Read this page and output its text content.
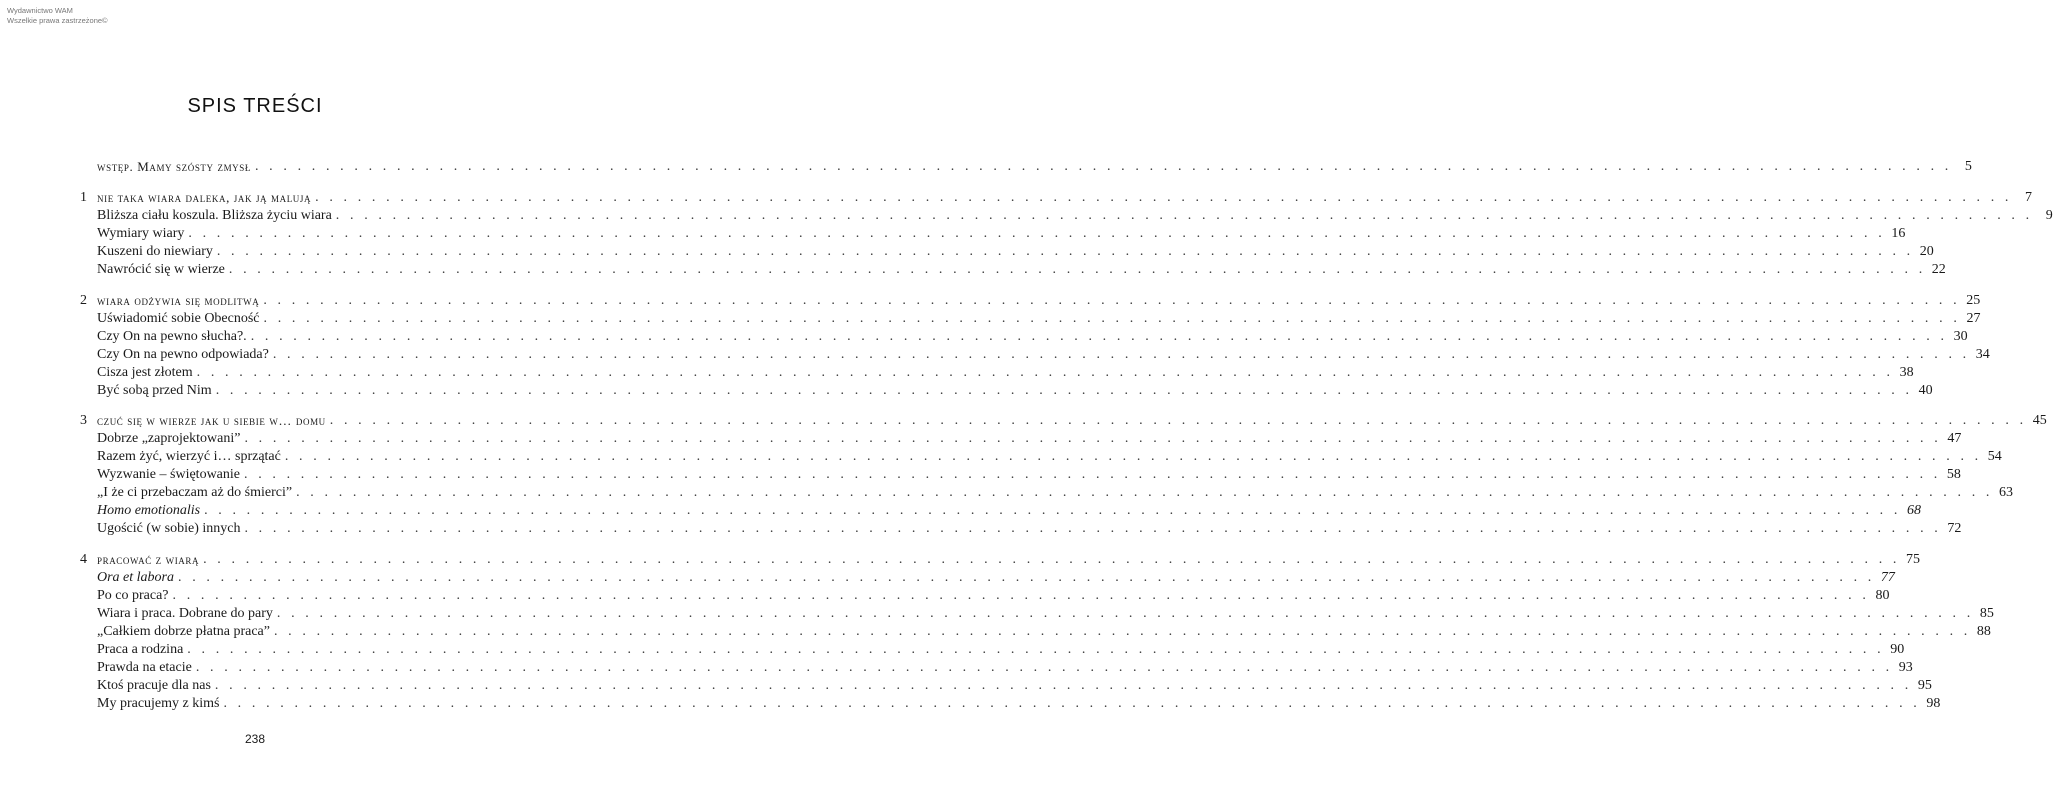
Wydawnictwo WAM
Wszelkie prawa zastrzeżone©
SPIS TREŚCI
wstęp. Mamy szósty zmysł . . . . . . . . . . . . . . . . . . . . . . . . . . . . . . . . . . . . . . . . . . . . . . . . . . . . . . . . . . . . . . . . . . . . . . . . . . . . . . . . . . . . . . . . . . . . . . . . . . . . . . . . . . . . . . . . . . . . . . . . 5
1 nie taka wiara daleka, jak ją malują . . . . . . . . . . . . . . . . . . . . . . . . . . . . . . . . . . . . . . . . . . . . . . . . . . . . . . . . . . . . . . . . . . . . . . . . . . . . . . . . . . . . . . . . . . . . . . . . . . . . . . . . . . . . . . . . . . . . . . . . 7
Bliższa ciału koszula. Bliższa życiu wiara . . . . . . . . . . . . . . . . . . . . . . . . . . . . . . . . . . . . . . . . . . . . . . . . . . . . . . . . . . . . . . . . . . . . . . . . . . . . . . . . . . . . . . . . . . . . . . . . . . . . . . . . . . . . . . . . . . . . . . . . 9
Wymiary wiary . . . . . . . . . . . . . . . . . . . . . . . . . . . . . . . . . . . . . . . . . . . . . . . . . . . . . . . . . . . . . . . . . . . . . . . . . . . . . . . . . . . . . . . . . . . . . . . . . . . . . . . . . . . . . . . . . . . . . . . . 16
Kuszeni do niewiary . . . . . . . . . . . . . . . . . . . . . . . . . . . . . . . . . . . . . . . . . . . . . . . . . . . . . . . . . . . . . . . . . . . . . . . . . . . . . . . . . . . . . . . . . . . . . . . . . . . . . . . . . . . . . . . . . . . . . . . . 20
Nawrócić się w wierze . . . . . . . . . . . . . . . . . . . . . . . . . . . . . . . . . . . . . . . . . . . . . . . . . . . . . . . . . . . . . . . . . . . . . . . . . . . . . . . . . . . . . . . . . . . . . . . . . . . . . . . . . . . . . . . . . . . . . . . . 22
2 wiara odżywia się modlitwą . . . . . . . . . . . . . . . . . . . . . . . . . . . . . . . . . . . . . . . . . . . . . . . . . . . . . . . . . . . . . . . . . . . . . . . . . . . . . . . . . . . . . . . . . . . . . . . . . . . . . . . . . . . . . . . . . . . . . . . . 25
Uświadomić sobie Obecność . . . . . . . . . . . . . . . . . . . . . . . . . . . . . . . . . . . . . . . . . . . . . . . . . . . . . . . . . . . . . . . . . . . . . . . . . . . . . . . . . . . . . . . . . . . . . . . . . . . . . . . . . . . . . . . . . . . . . . . . 27
Czy On na pewno słucha?. . . . . . . . . . . . . . . . . . . . . . . . . . . . . . . . . . . . . . . . . . . . . . . . . . . . . . . . . . . . . . . . . . . . . . . . . . . . . . . . . . . . . . . . . . . . . . . . . . . . . . . . . . . . . . . . . . . . . . . . . 30
Czy On na pewno odpowiada? . . . . . . . . . . . . . . . . . . . . . . . . . . . . . . . . . . . . . . . . . . . . . . . . . . . . . . . . . . . . . . . . . . . . . . . . . . . . . . . . . . . . . . . . . . . . . . . . . . . . . . . . . . . . . . . . . . . . . . . . 34
Cisza jest złotem . . . . . . . . . . . . . . . . . . . . . . . . . . . . . . . . . . . . . . . . . . . . . . . . . . . . . . . . . . . . . . . . . . . . . . . . . . . . . . . . . . . . . . . . . . . . . . . . . . . . . . . . . . . . . . . . . . . . . . . . 38
Być sobą przed Nim . . . . . . . . . . . . . . . . . . . . . . . . . . . . . . . . . . . . . . . . . . . . . . . . . . . . . . . . . . . . . . . . . . . . . . . . . . . . . . . . . . . . . . . . . . . . . . . . . . . . . . . . . . . . . . . . . . . . . . . . 40
3 czuć się w wierze jak u siebie w… domu . . . . . . . . . . . . . . . . . . . . . . . . . . . . . . . . . . . . . . . . . . . . . . . . . . . . . . . . . . . . . . . . . . . . . . . . . . . . . . . . . . . . . . . . . . . . . . . . . . . . . . . . . . . . . . . . . . . . . . . . 45
Dobrze „zaprojektowani” . . . . . . . . . . . . . . . . . . . . . . . . . . . . . . . . . . . . . . . . . . . . . . . . . . . . . . . . . . . . . . . . . . . . . . . . . . . . . . . . . . . . . . . . . . . . . . . . . . . . . . . . . . . . . . . . . . . . . . . . 47
Razem żyć, wierzyć i… sprzątać . . . . . . . . . . . . . . . . . . . . . . . . . . . . . . . . . . . . . . . . . . . . . . . . . . . . . . . . . . . . . . . . . . . . . . . . . . . . . . . . . . . . . . . . . . . . . . . . . . . . . . . . . . . . . . . . . . . . . . . . 54
Wyzwanie – świętowanie . . . . . . . . . . . . . . . . . . . . . . . . . . . . . . . . . . . . . . . . . . . . . . . . . . . . . . . . . . . . . . . . . . . . . . . . . . . . . . . . . . . . . . . . . . . . . . . . . . . . . . . . . . . . . . . . . . . . . . . . 58
„I że ci przebaczam aż do śmierci” . . . . . . . . . . . . . . . . . . . . . . . . . . . . . . . . . . . . . . . . . . . . . . . . . . . . . . . . . . . . . . . . . . . . . . . . . . . . . . . . . . . . . . . . . . . . . . . . . . . . . . . . . . . . . . . . . . . . . . . . 63
Homo emotionalis . . . . . . . . . . . . . . . . . . . . . . . . . . . . . . . . . . . . . . . . . . . . . . . . . . . . . . . . . . . . . . . . . . . . . . . . . . . . . . . . . . . . . . . . . . . . . . . . . . . . . . . . . . . . . . . . . . . . . . . . 68
Ugościć (w sobie) innych . . . . . . . . . . . . . . . . . . . . . . . . . . . . . . . . . . . . . . . . . . . . . . . . . . . . . . . . . . . . . . . . . . . . . . . . . . . . . . . . . . . . . . . . . . . . . . . . . . . . . . . . . . . . . . . . . . . . . . . . 72
4 pracować z wiarą . . . . . . . . . . . . . . . . . . . . . . . . . . . . . . . . . . . . . . . . . . . . . . . . . . . . . . . . . . . . . . . . . . . . . . . . . . . . . . . . . . . . . . . . . . . . . . . . . . . . . . . . . . . . . . . . . . . . . . . . 75
Ora et labora . . . . . . . . . . . . . . . . . . . . . . . . . . . . . . . . . . . . . . . . . . . . . . . . . . . . . . . . . . . . . . . . . . . . . . . . . . . . . . . . . . . . . . . . . . . . . . . . . . . . . . . . . . . . . . . . . . . . . . . . 77
Po co praca? . . . . . . . . . . . . . . . . . . . . . . . . . . . . . . . . . . . . . . . . . . . . . . . . . . . . . . . . . . . . . . . . . . . . . . . . . . . . . . . . . . . . . . . . . . . . . . . . . . . . . . . . . . . . . . . . . . . . . . . . 80
Wiara i praca. Dobrane do pary . . . . . . . . . . . . . . . . . . . . . . . . . . . . . . . . . . . . . . . . . . . . . . . . . . . . . . . . . . . . . . . . . . . . . . . . . . . . . . . . . . . . . . . . . . . . . . . . . . . . . . . . . . . . . . . . . . . . . . . . 85
„Całkiem dobrze płatna praca” . . . . . . . . . . . . . . . . . . . . . . . . . . . . . . . . . . . . . . . . . . . . . . . . . . . . . . . . . . . . . . . . . . . . . . . . . . . . . . . . . . . . . . . . . . . . . . . . . . . . . . . . . . . . . . . . . . . . . . . . 88
Praca a rodzina . . . . . . . . . . . . . . . . . . . . . . . . . . . . . . . . . . . . . . . . . . . . . . . . . . . . . . . . . . . . . . . . . . . . . . . . . . . . . . . . . . . . . . . . . . . . . . . . . . . . . . . . . . . . . . . . . . . . . . . . 90
Prawda na etacie . . . . . . . . . . . . . . . . . . . . . . . . . . . . . . . . . . . . . . . . . . . . . . . . . . . . . . . . . . . . . . . . . . . . . . . . . . . . . . . . . . . . . . . . . . . . . . . . . . . . . . . . . . . . . . . . . . . . . . . . 93
Ktoś pracuje dla nas . . . . . . . . . . . . . . . . . . . . . . . . . . . . . . . . . . . . . . . . . . . . . . . . . . . . . . . . . . . . . . . . . . . . . . . . . . . . . . . . . . . . . . . . . . . . . . . . . . . . . . . . . . . . . . . . . . . . . . . . 95
My pracujemy z kimś . . . . . . . . . . . . . . . . . . . . . . . . . . . . . . . . . . . . . . . . . . . . . . . . . . . . . . . . . . . . . . . . . . . . . . . . . . . . . . . . . . . . . . . . . . . . . . . . . . . . . . . . . . . . . . . . . . . . . . . . 98
238
